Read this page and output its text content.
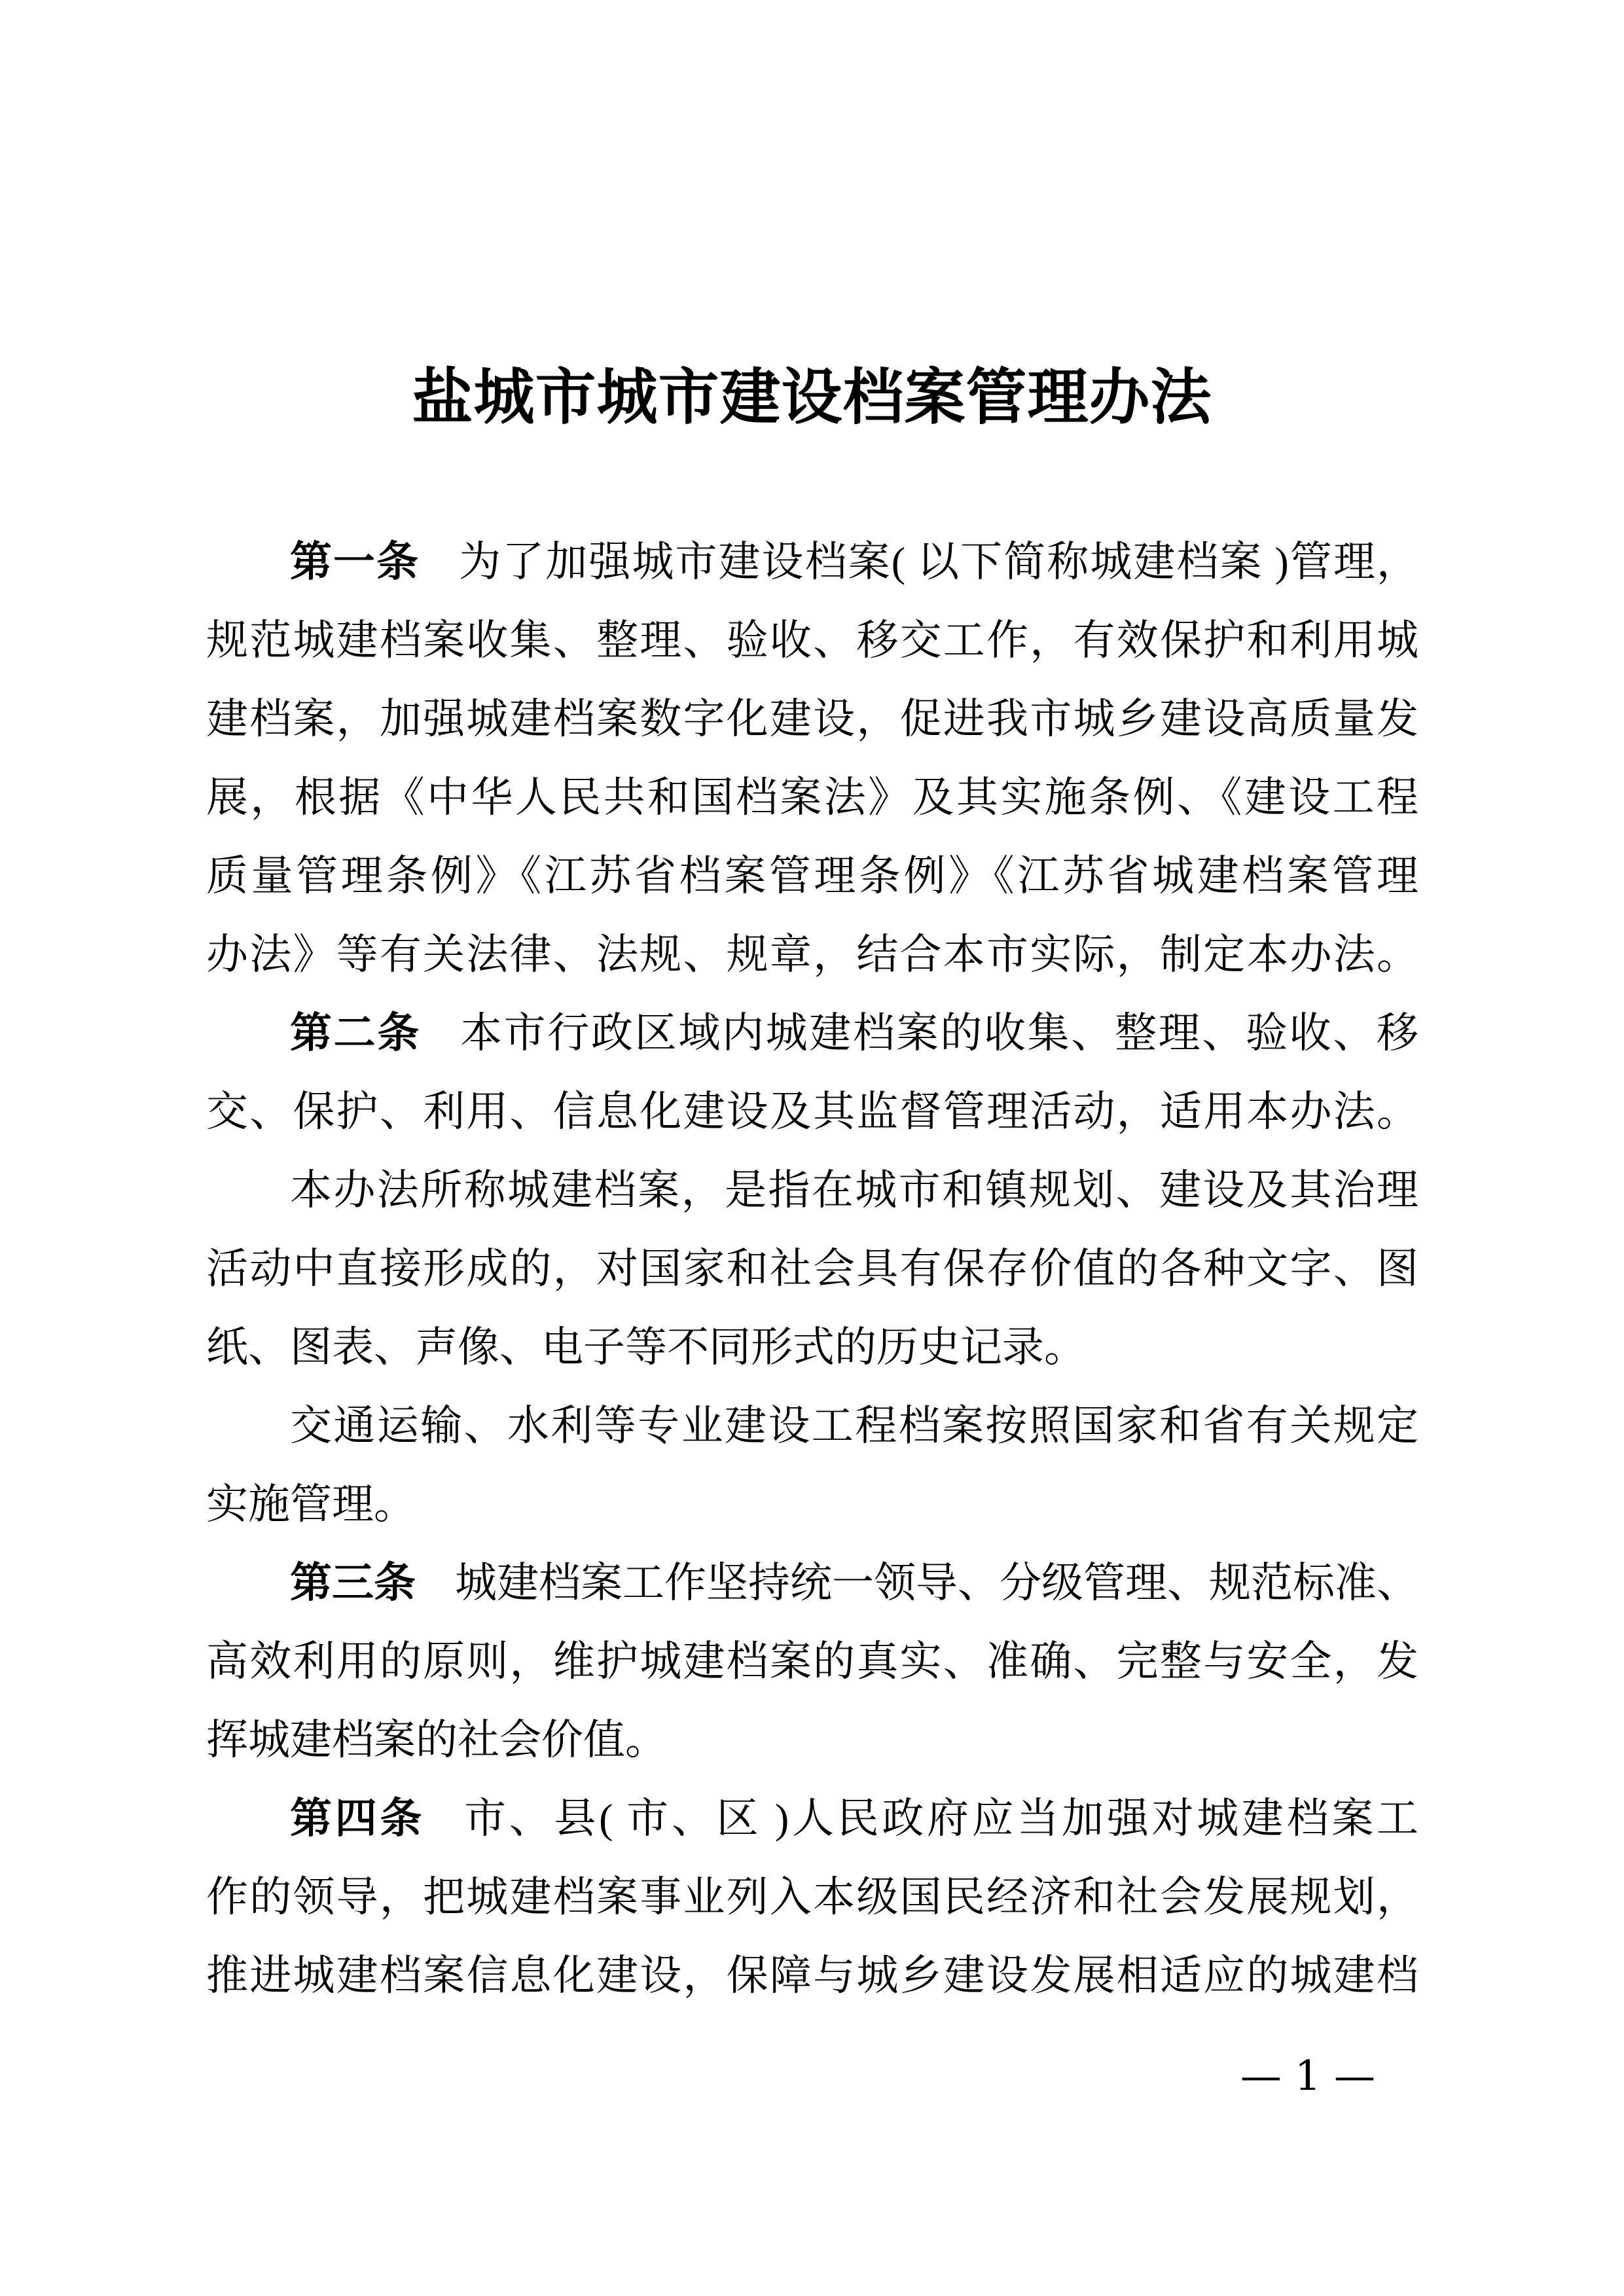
盐城市城市建设档案管理办法
第一条 为了加强城市建设档案( 以下简称城建档案 )管理，
规范城建档案收集、整理、验收、移交工作，有效保护和利用城
建档案，加强城建档案数字化建设，促进我市城乡建设高质量发
展，根据《中华人民共和国档案法》及其实施条例、《建设工程
质量管理条例》《江苏省档案管理条例》《江苏省城建档案管理
办法》等有关法律、法规、规章，结合本市实际，制定本办法。
第二条 本市行政区域内城建档案的收集、整理、验收、移
交、保护、利用、信息化建设及其监督管理活动，适用本办法。
本办法所称城建档案，是指在城市和镇规划、建设及其治理
活动中直接形成的，对国家和社会具有保存价值的各种文字、图
纸、图表、声像、电子等不同形式的历史记录。
交通运输、水利等专业建设工程档案按照国家和省有关规定
实施管理。
第三条 城建档案工作坚持统一领导、分级管理、规范标准、
高效利用的原则，维护城建档案的真实、准确、完整与安全，发
挥城建档案的社会价值。
第四条 市、县( 市、区 )人民政府应当加强对城建档案工
作的领导，把城建档案事业列入本级国民经济和社会发展规划，
推进城建档案信息化建设，保障与城乡建设发展相适应的城建档
— 1 —
